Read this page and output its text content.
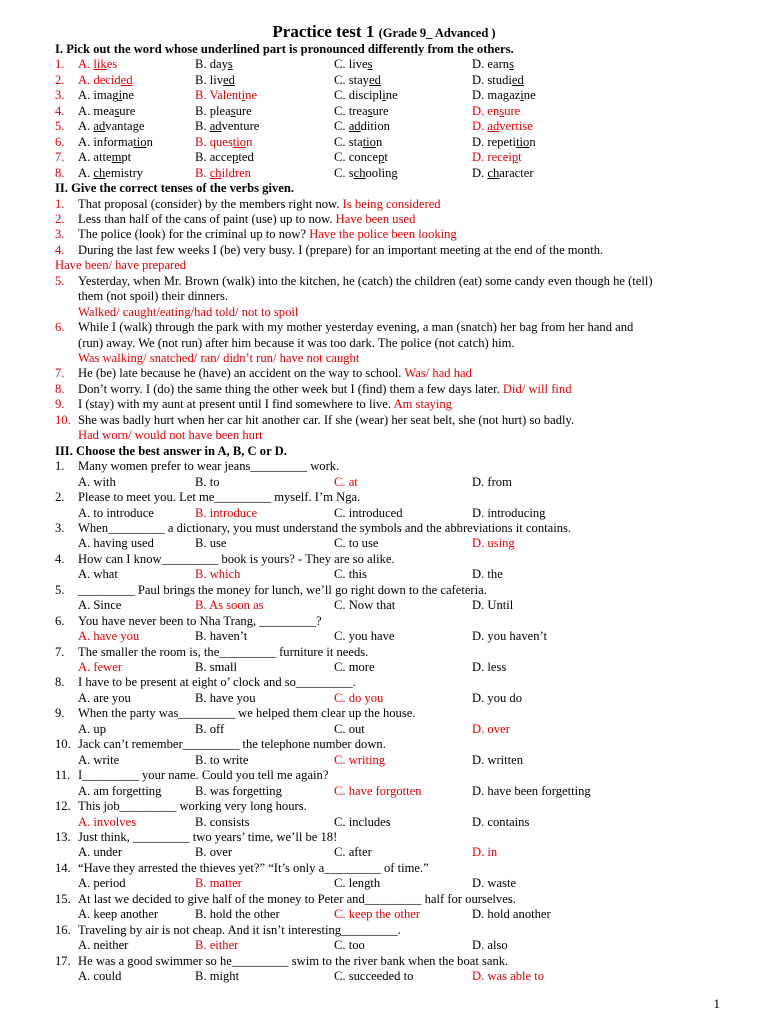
Practice test 1 (Grade 9_ Advanced )
I. Pick out the word whose underlined part is pronounced differently from the others.
1.	A. likes	B. days	C. lives	D. earns
2.	A. decided	B. lived	C. stayed	D. studied
3.	A. imagine	B. Valentine	C. discipline	D. magazine
4.	A. measure	B. pleasure	C. treasure	D. ensure
5.	A. advantage	B. adventure	C. addition	D. advertise
6.	A. information	B. question	C. station	D. repetition
7.	A. attempt	B. accepted	C. concept	D. receipt
8.	A. chemistry	B. children	C. schooling	D. character
II. Give the correct tenses of the verbs given.
1.	That proposal (consider) by the members right now. Is being considered
2.	Less than half of the cans of paint (use) up to now. Have been used
3.	The police (look) for the criminal up to now? Have the police been looking
4.	During the last few weeks I (be) very busy. I (prepare) for an important meeting at the end of the month.
Have been/ have prepared
5.	Yesterday, when Mr. Brown (walk) into the kitchen, he (catch) the children (eat) some candy even though he (tell)
them (not spoil) their dinners.
Walked/ caught/eating/had told/ not to spoil
6.	While I (walk) through the park with my mother yesterday evening, a man (snatch) her bag from her hand and
(run) away. We (not run) after him because it was too dark. The police (not catch) him.
Was walking/ snatched/ ran/ didn’t run/ have not caught
7.	He (be) late because he (have) an accident on the way to school. Was/ had had
8.	Don’t worry. I (do) the same thing the other week but I (find) them a few days later. Did/ will find
9.	I (stay) with my aunt at present until I find somewhere to live. Am staying
10. She was badly hurt when her car hit another car. If she (wear) her seat belt, she (not hurt) so badly.
Had worn/ would not have been hurt
III. Choose the best answer in A, B, C or D.
1.	Many women prefer to wear jeans_________ work.
A. with	B. to	C. at	D. from
2.	Please to meet you. Let me_________ myself. I’m Nga.
A. to introduce	B. introduce	C. introduced	D. introducing
3.	When_________ a dictionary, you must understand the symbols and the abbreviations it contains.
A. having used	B. use	C. to use	D. using
4.	How can I know_________ book is yours? - They are so alike.
A. what	B. which	C. this	D. the
5.	_________ Paul brings the money for lunch, we’ll go right down to the cafeteria.
A. Since	B. As soon as	C. Now that	D. Until
6.	You have never been to Nha Trang, _________?
A. have you	B. haven’t	C. you have	D. you haven’t
7.	The smaller the room is, the_________ furniture it needs.
A. fewer	B. small	C. more	D. less
8.	I have to be present at eight o’ clock and so_________.
A. are you	B. have you	C. do you	D. you do
9.	When the party was_________ we helped them clear up the house.
A. up	B. off	C. out	D. over
10. Jack can’t remember_________ the telephone number down.
A. write	B. to write	C. writing	D. written
11. I_________ your name. Could you tell me again?
A. am forgetting	B. was forgetting	C. have forgotten	D. have been forgetting
12. This job_________ working very long hours.
A. involves	B. consists	C. includes	D. contains
13. Just think, _________ two years’ time, we’ll be 18!
A. under	B. over	C. after	D. in
14. “Have they arrested the thieves yet?” “It’s only a_________ of time.”
A. period	B. matter	C. length	D. waste
15. At last we decided to give half of the money to Peter and_________ half for ourselves.
A. keep another	B. hold the other	C. keep the other	D. hold another
16. Traveling by air is not cheap. And it isn’t interesting_________.
A. neither	B. either	C. too	D. also
17. He was a good swimmer so he_________ swim to the river bank when the boat sank.
A. could	B. might	C. succeeded to	D. was able to
1
